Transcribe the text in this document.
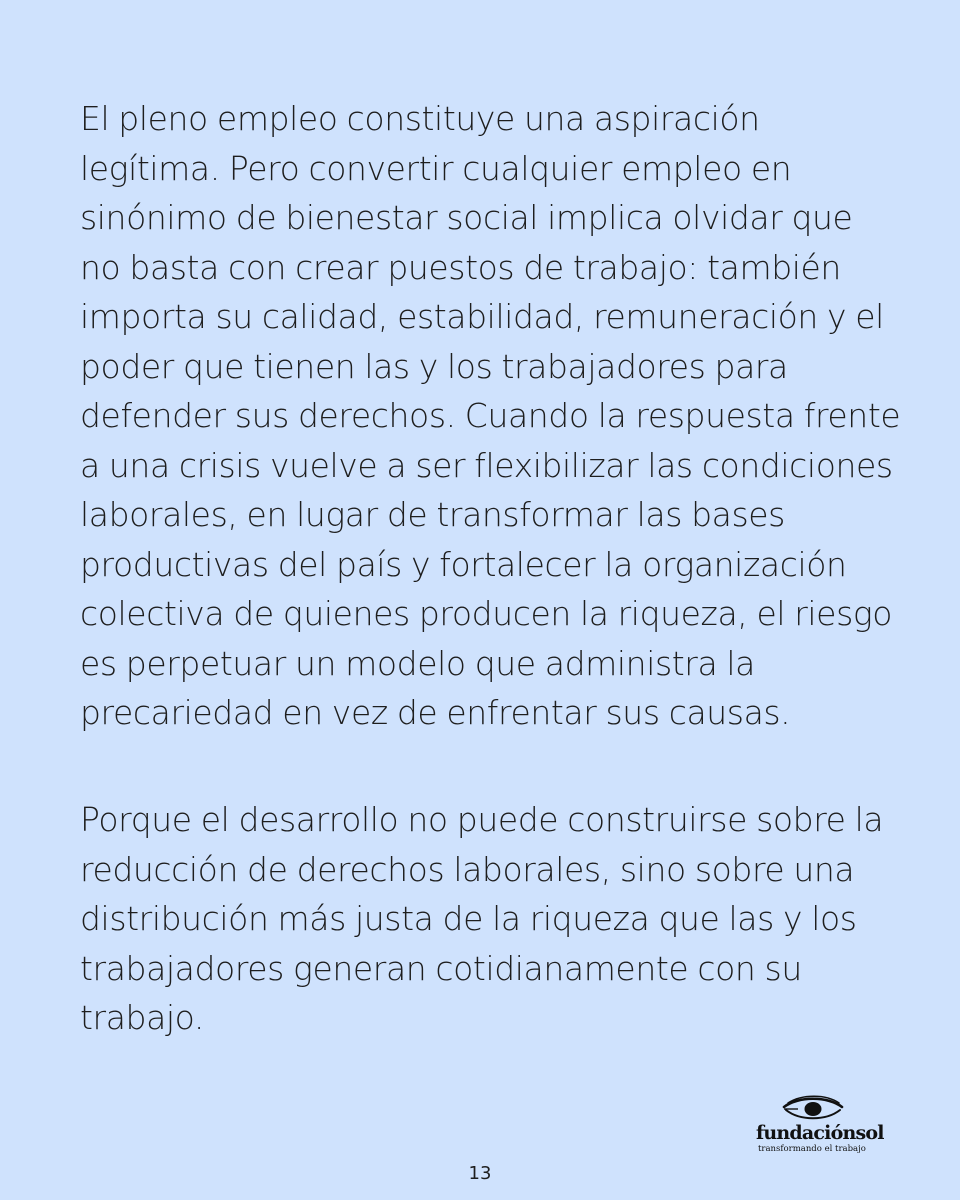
El pleno empleo constituye una aspiración
legítima. Pero convertir cualquier empleo en
sinónimo de bienestar social implica olvidar que
no basta con crear puestos de trabajo: también
importa su calidad, estabilidad, remuneración y el
poder que tienen las y los trabajadores para
defender sus derechos. Cuando la respuesta frente
a una crisis vuelve a ser flexibilizar las condiciones
laborales, en lugar de transformar las bases
productivas del país y fortalecer la organización
colectiva de quienes producen la riqueza, el riesgo
es perpetuar un modelo que administra la
precariedad en vez de enfrentar sus causas.
Porque el desarrollo no puede construirse sobre la
reducción de derechos laborales, sino sobre una
distribución más justa de la riqueza que las y los
trabajadores generan cotidianamente con su
trabajo.
fundaciónsol
transformando el trabajo
13
